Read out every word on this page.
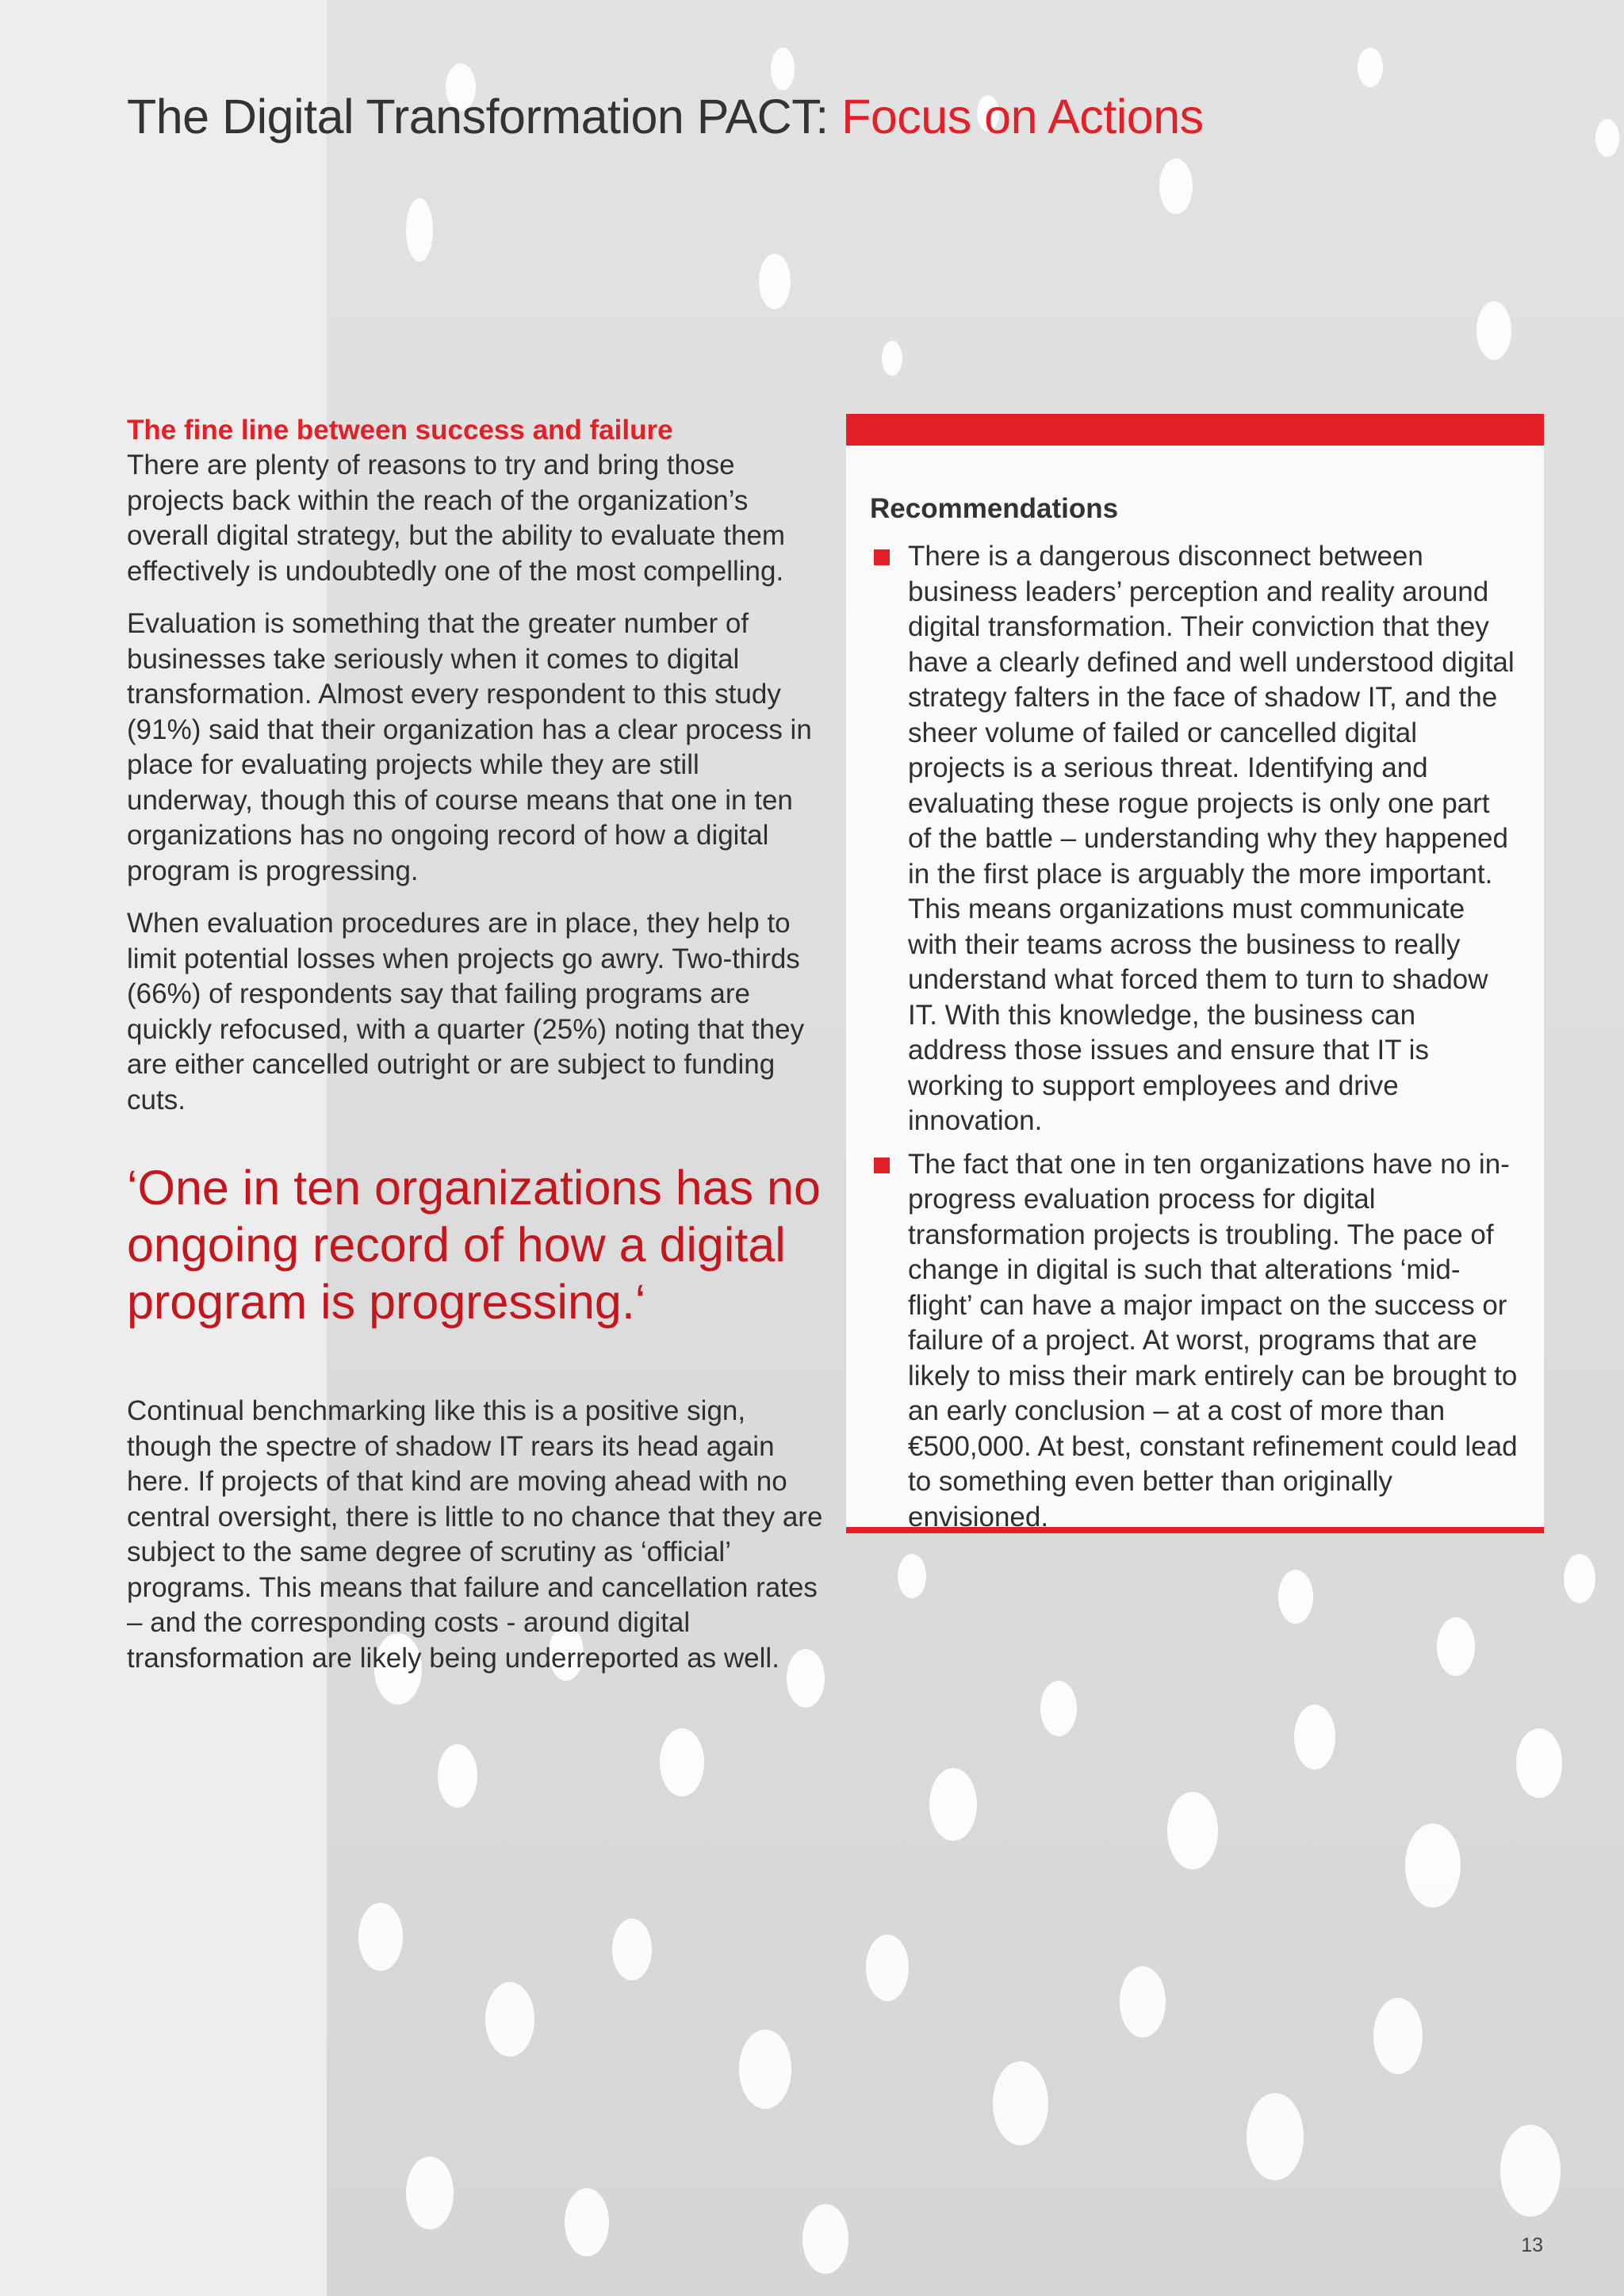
The Digital Transformation PACT: Focus on Actions
The fine line between success and failure

There are plenty of reasons to try and bring those projects back within the reach of the organization’s overall digital strategy, but the ability to evaluate them effectively is undoubtedly one of the most compelling.

Evaluation is something that the greater number of businesses take seriously when it comes to digital transformation. Almost every respondent to this study (91%) said that their organization has a clear process in place for evaluating projects while they are still underway, though this of course means that one in ten organizations has no ongoing record of how a digital program is progressing.

When evaluation procedures are in place, they help to limit potential losses when projects go awry. Two-thirds (66%) of respondents say that failing programs are quickly refocused, with a quarter (25%) noting that they are either cancelled outright or are subject to funding cuts.

‘One in ten organizations has no ongoing record of how a digital program is progressing.‘

Continual benchmarking like this is a positive sign, though the spectre of shadow IT rears its head again here. If projects of that kind are moving ahead with no central oversight, there is little to no chance that they are subject to the same degree of scrutiny as ‘official’ programs. This means that failure and cancellation rates – and the corresponding costs - around digital transformation are likely being underreported as well.

Recommendations
There is a dangerous disconnect between business leaders’ perception and reality around digital transformation. Their conviction that they have a clearly defined and well understood digital strategy falters in the face of shadow IT, and the sheer volume of failed or cancelled digital projects is a serious threat. Identifying and evaluating these rogue projects is only one part of the battle – understanding why they happened in the first place is arguably the more important. This means organizations must communicate with their teams across the business to really understand what forced them to turn to shadow IT. With this knowledge, the business can address those issues and ensure that IT is working to support employees and drive innovation.
The fact that one in ten organizations have no in-progress evaluation process for digital transformation projects is troubling. The pace of change in digital is such that alterations ‘mid-flight’ can have a major impact on the success or failure of a project. At worst, programs that are likely to miss their mark entirely can be brought to an early conclusion – at a cost of more than €500,000. At best, constant refinement could lead to something even better than originally envisioned.
13
